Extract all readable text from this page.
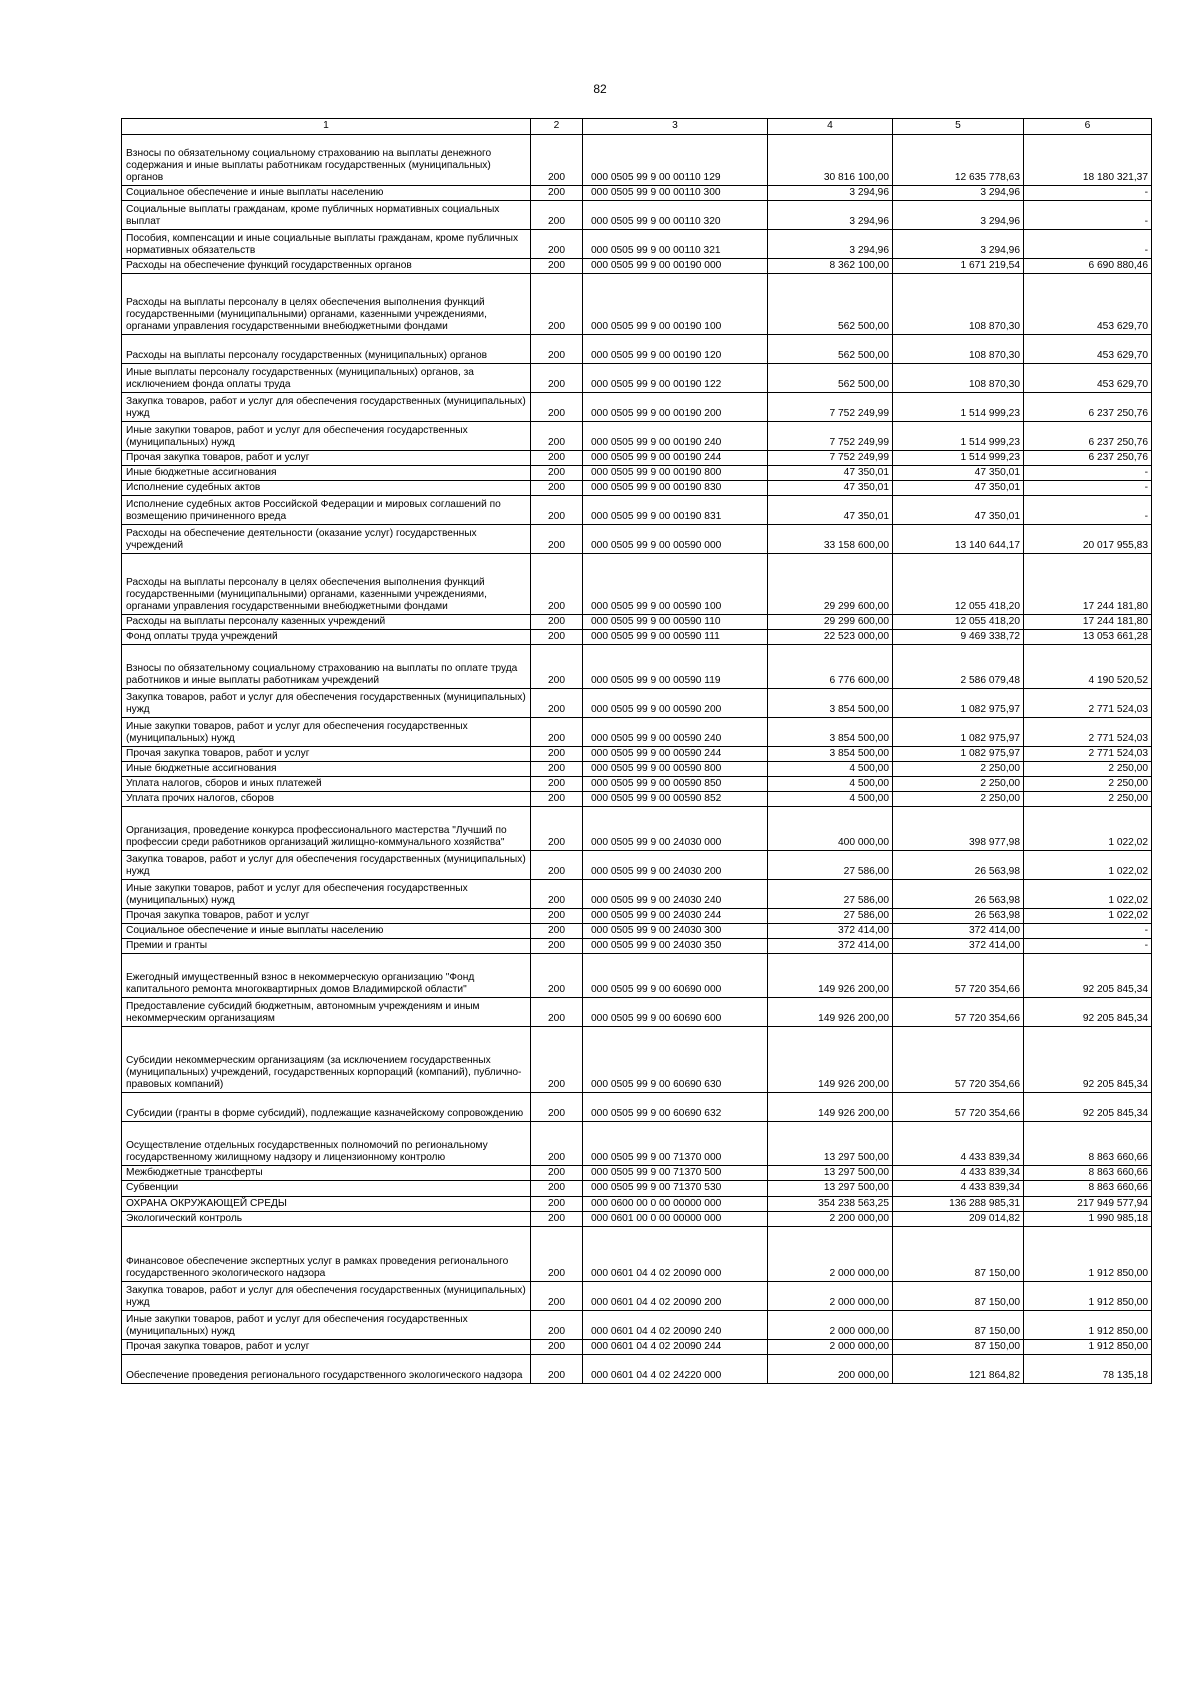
82
1	2	3	4	5	6
Взносы по обязательному социальному страхованию на выплаты денежного содержания и иные выплаты работникам государственных (муниципальных) органов	200	000 0505 99 9 00 00110 129	30 816 100,00	12 635 778,63	18 180 321,37
Социальное обеспечение и иные выплаты населению	200	000 0505 99 9 00 00110 300	3 294,96	3 294,96	-
Социальные выплаты гражданам, кроме публичных нормативных социальных выплат	200	000 0505 99 9 00 00110 320	3 294,96	3 294,96	-
Пособия, компенсации и иные социальные выплаты гражданам, кроме публичных нормативных обязательств	200	000 0505 99 9 00 00110 321	3 294,96	3 294,96	-
Расходы на обеспечение функций государственных органов	200	000 0505 99 9 00 00190 000	8 362 100,00	1 671 219,54	6 690 880,46
Расходы на выплаты персоналу в целях обеспечения выполнения функций государственными (муниципальными) органами, казенными учреждениями, органами управления государственными внебюджетными фондами	200	000 0505 99 9 00 00190 100	562 500,00	108 870,30	453 629,70
Расходы на выплаты персоналу государственных (муниципальных) органов	200	000 0505 99 9 00 00190 120	562 500,00	108 870,30	453 629,70
Иные выплаты персоналу государственных (муниципальных) органов, за исключением фонда оплаты труда	200	000 0505 99 9 00 00190 122	562 500,00	108 870,30	453 629,70
Закупка товаров, работ и услуг для обеспечения государственных (муниципальных) нужд	200	000 0505 99 9 00 00190 200	7 752 249,99	1 514 999,23	6 237 250,76
Иные закупки товаров, работ и услуг для обеспечения государственных (муниципальных) нужд	200	000 0505 99 9 00 00190 240	7 752 249,99	1 514 999,23	6 237 250,76
Прочая закупка товаров, работ и услуг	200	000 0505 99 9 00 00190 244	7 752 249,99	1 514 999,23	6 237 250,76
Иные бюджетные ассигнования	200	000 0505 99 9 00 00190 800	47 350,01	47 350,01	-
Исполнение судебных актов	200	000 0505 99 9 00 00190 830	47 350,01	47 350,01	-
Исполнение судебных актов Российской Федерации и мировых соглашений по возмещению причиненного вреда	200	000 0505 99 9 00 00190 831	47 350,01	47 350,01	-
Расходы на обеспечение деятельности (оказание услуг) государственных учреждений	200	000 0505 99 9 00 00590 000	33 158 600,00	13 140 644,17	20 017 955,83
Расходы на выплаты персоналу в целях обеспечения выполнения функций государственными (муниципальными) органами, казенными учреждениями, органами управления государственными внебюджетными фондами	200	000 0505 99 9 00 00590 100	29 299 600,00	12 055 418,20	17 244 181,80
Расходы на выплаты персоналу казенных учреждений	200	000 0505 99 9 00 00590 110	29 299 600,00	12 055 418,20	17 244 181,80
Фонд оплаты труда учреждений	200	000 0505 99 9 00 00590 111	22 523 000,00	9 469 338,72	13 053 661,28
Взносы по обязательному социальному страхованию на выплаты по оплате труда работников и иные выплаты работникам учреждений	200	000 0505 99 9 00 00590 119	6 776 600,00	2 586 079,48	4 190 520,52
Закупка товаров, работ и услуг для обеспечения государственных (муниципальных) нужд	200	000 0505 99 9 00 00590 200	3 854 500,00	1 082 975,97	2 771 524,03
Иные закупки товаров, работ и услуг для обеспечения государственных (муниципальных) нужд	200	000 0505 99 9 00 00590 240	3 854 500,00	1 082 975,97	2 771 524,03
Прочая закупка товаров, работ и услуг	200	000 0505 99 9 00 00590 244	3 854 500,00	1 082 975,97	2 771 524,03
Иные бюджетные ассигнования	200	000 0505 99 9 00 00590 800	4 500,00	2 250,00	2 250,00
Уплата налогов, сборов и иных платежей	200	000 0505 99 9 00 00590 850	4 500,00	2 250,00	2 250,00
Уплата прочих налогов, сборов	200	000 0505 99 9 00 00590 852	4 500,00	2 250,00	2 250,00
Организация, проведение конкурса профессионального мастерства "Лучший по профессии среди работников организаций жилищно-коммунального хозяйства"	200	000 0505 99 9 00 24030 000	400 000,00	398 977,98	1 022,02
Закупка товаров, работ и услуг для обеспечения государственных (муниципальных) нужд	200	000 0505 99 9 00 24030 200	27 586,00	26 563,98	1 022,02
Иные закупки товаров, работ и услуг для обеспечения государственных (муниципальных) нужд	200	000 0505 99 9 00 24030 240	27 586,00	26 563,98	1 022,02
Прочая закупка товаров, работ и услуг	200	000 0505 99 9 00 24030 244	27 586,00	26 563,98	1 022,02
Социальное обеспечение и иные выплаты населению	200	000 0505 99 9 00 24030 300	372 414,00	372 414,00	-
Премии и гранты	200	000 0505 99 9 00 24030 350	372 414,00	372 414,00	-
Ежегодный имущественный взнос в некоммерческую организацию "Фонд капитального ремонта многоквартирных домов Владимирской области"	200	000 0505 99 9 00 60690 000	149 926 200,00	57 720 354,66	92 205 845,34
Предоставление субсидий бюджетным, автономным учреждениям и иным некоммерческим организациям	200	000 0505 99 9 00 60690 600	149 926 200,00	57 720 354,66	92 205 845,34
Субсидии некоммерческим организациям (за исключением государственных (муниципальных) учреждений, государственных корпораций (компаний), публично-правовых компаний)	200	000 0505 99 9 00 60690 630	149 926 200,00	57 720 354,66	92 205 845,34
Субсидии (гранты в форме субсидий), подлежащие казначейскому сопровождению	200	000 0505 99 9 00 60690 632	149 926 200,00	57 720 354,66	92 205 845,34
Осуществление отдельных государственных полномочий по региональному государственному жилищному надзору и лицензионному контролю	200	000 0505 99 9 00 71370 000	13 297 500,00	4 433 839,34	8 863 660,66
Межбюджетные трансферты	200	000 0505 99 9 00 71370 500	13 297 500,00	4 433 839,34	8 863 660,66
Субвенции	200	000 0505 99 9 00 71370 530	13 297 500,00	4 433 839,34	8 863 660,66
ОХРАНА ОКРУЖАЮЩЕЙ СРЕДЫ	200	000 0600 00 0 00 00000 000	354 238 563,25	136 288 985,31	217 949 577,94
Экологический контроль	200	000 0601 00 0 00 00000 000	2 200 000,00	209 014,82	1 990 985,18
Финансовое обеспечение экспертных услуг в рамках проведения регионального государственного экологического надзора	200	000 0601 04 4 02 20090 000	2 000 000,00	87 150,00	1 912 850,00
Закупка товаров, работ и услуг для обеспечения государственных (муниципальных) нужд	200	000 0601 04 4 02 20090 200	2 000 000,00	87 150,00	1 912 850,00
Иные закупки товаров, работ и услуг для обеспечения государственных (муниципальных) нужд	200	000 0601 04 4 02 20090 240	2 000 000,00	87 150,00	1 912 850,00
Прочая закупка товаров, работ и услуг	200	000 0601 04 4 02 20090 244	2 000 000,00	87 150,00	1 912 850,00
Обеспечение проведения регионального государственного экологического надзора	200	000 0601 04 4 02 24220 000	200 000,00	121 864,82	78 135,18
